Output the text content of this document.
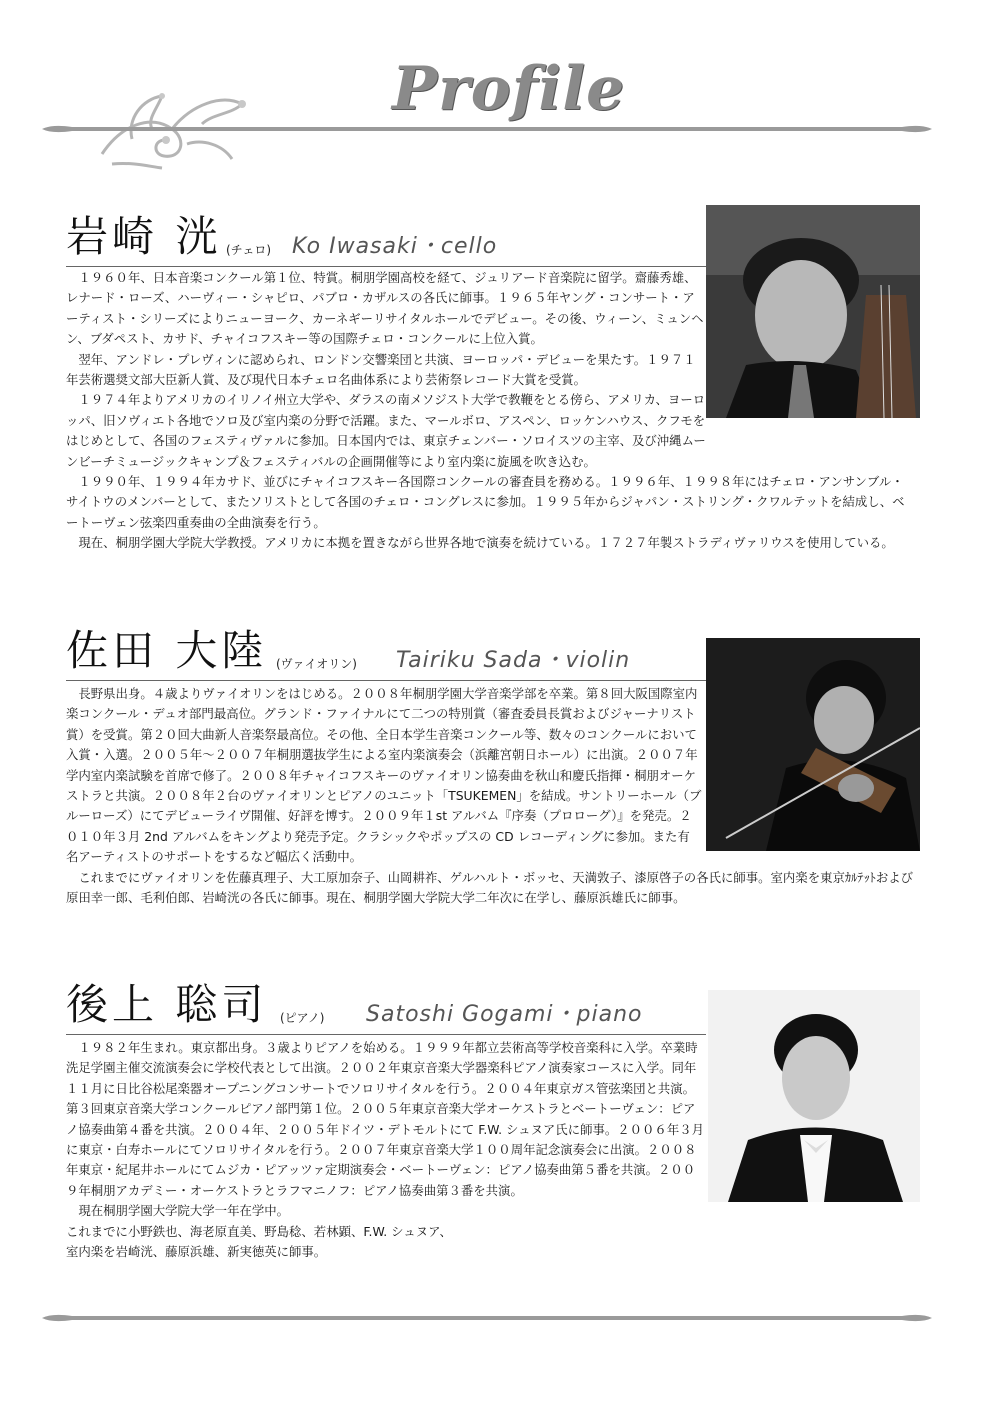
Profile
岩崎 洸 (チェロ) Ko Iwasaki・cello

１９６０年、日本音楽コンクール第１位、特賞。桐朋学園高校を経て、ジュリアード音楽院に留学。齋藤秀雄、レナード・ローズ、ハーヴィー・シャピロ、パブロ・カザルスの各氏に師事。１９６５年ヤング・コンサート・アーティスト・シリーズによりニューヨーク、カーネギーリサイタルホールでデビュー。その後、ウィーン、ミュンヘン、ブダペスト、カサド、チャイコフスキー等の国際チェロ・コンクールに上位入賞。

翌年、アンドレ・プレヴィンに認められ、ロンドン交響楽団と共演、ヨーロッパ・デビューを果たす。１９７１年芸術選奨文部大臣新人賞、及び現代日本チェロ名曲体系により芸術祭レコード大賞を受賞。

１９７４年よりアメリカのイリノイ州立大学や、ダラスの南メソジスト大学で教鞭をとる傍ら、アメリカ、ヨーロッパ、旧ソヴィエト各地でソロ及び室内楽の分野で活躍。また、マールボロ、アスペン、ロッケンハウス、クフモをはじめとして、各国のフェスティヴァルに参加。日本国内では、東京チェンバー・ソロイスツの主宰、及び沖縄ムーンビーチミュージックキャンプ＆フェスティバルの企画開催等により室内楽に旋風を吹き込む。

１９９０年、１９９４年カサド、並びにチャイコフスキー各国際コンクールの審査員を務める。１９９６年、１９９８年にはチェロ・アンサンブル・サイトウのメンバーとして、またソリストとして各国のチェロ・コングレスに参加。１９９５年からジャパン・ストリング・クワルテットを結成し、ベートーヴェン弦楽四重奏曲の全曲演奏を行う。

現在、桐朋学園大学院大学教授。アメリカに本拠を置きながら世界各地で演奏を続けている。１７２７年製ストラディヴァリウスを使用している。

佐田 大陸 (ヴァイオリン) Tairiku Sada・violin

長野県出身。４歳よりヴァイオリンをはじめる。２００８年桐朋学園大学音楽学部を卒業。第８回大阪国際室内楽コンクール・デュオ部門最高位。グランド・ファイナルにて二つの特別賞（審査委員長賞およびジャーナリスト賞）を受賞。第２０回大曲新人音楽祭最高位。その他、全日本学生音楽コンクール等、数々のコンクールにおいて入賞・入選。２００５年～２００７年桐朋選抜学生による室内楽演奏会（浜離宮朝日ホール）に出演。２００７年学内室内楽試験を首席で修了。２００８年チャイコフスキーのヴァイオリン協奏曲を秋山和慶氏指揮・桐朋オーケストラと共演。２００８年２台のヴァイオリンとピアノのユニット「TSUKEMEN」を結成。サントリーホール（ブルーローズ）にてデビューライヴ開催、好評を博す。２００９年１st アルバム『序奏（プロローグ）』を発売。２０１０年３月 2nd アルバムをキングより発売予定。クラシックやポップスの CD レコーディングに参加。また有名アーティストのサポートをするなど幅広く活動中。

これまでにヴァイオリンを佐藤真理子、大工原加奈子、山岡耕祚、ゲルハルト・ボッセ、天満敦子、漆原啓子の各氏に師事。室内楽を東京ｶﾙﾃｯﾄおよび原田幸一郎、毛利伯郎、岩崎洸の各氏に師事。現在、桐朋学園大学院大学二年次に在学し、藤原浜雄氏に師事。

後上 聡司 (ピアノ) Satoshi Gogami・piano

１９８２年生まれ。東京都出身。３歳よりピアノを始める。１９９９年都立芸術高等学校音楽科に入学。卒業時洗足学園主催交流演奏会に学校代表として出演。２００２年東京音楽大学器楽科ピアノ演奏家コースに入学。同年１１月に日比谷松尾楽器オープニングコンサートでソロリサイタルを行う。２００４年東京ガス管弦楽団と共演。第３回東京音楽大学コンクールピアノ部門第１位。２００５年東京音楽大学オーケストラとベートーヴェン：ピアノ協奏曲第４番を共演。２００４年、２００５年ドイツ・デトモルトにて F.W. シュヌア氏に師事。２００６年３月に東京・白寿ホールにてソロリサイタルを行う。２００７年東京音楽大学１００周年記念演奏会に出演。２００８年東京・紀尾井ホールにてムジカ・ピアッツァ定期演奏会・ベートーヴェン：ピアノ協奏曲第５番を共演。２００９年桐朋アカデミー・オーケストラとラフマニノフ：ピアノ協奏曲第３番を共演。

現在桐朋学園大学院大学一年在学中。

これまでに小野鉄也、海老原直美、野島稔、若林顕、F.W. シュヌア、

室内楽を岩崎洸、藤原浜雄、新実徳英に師事。
